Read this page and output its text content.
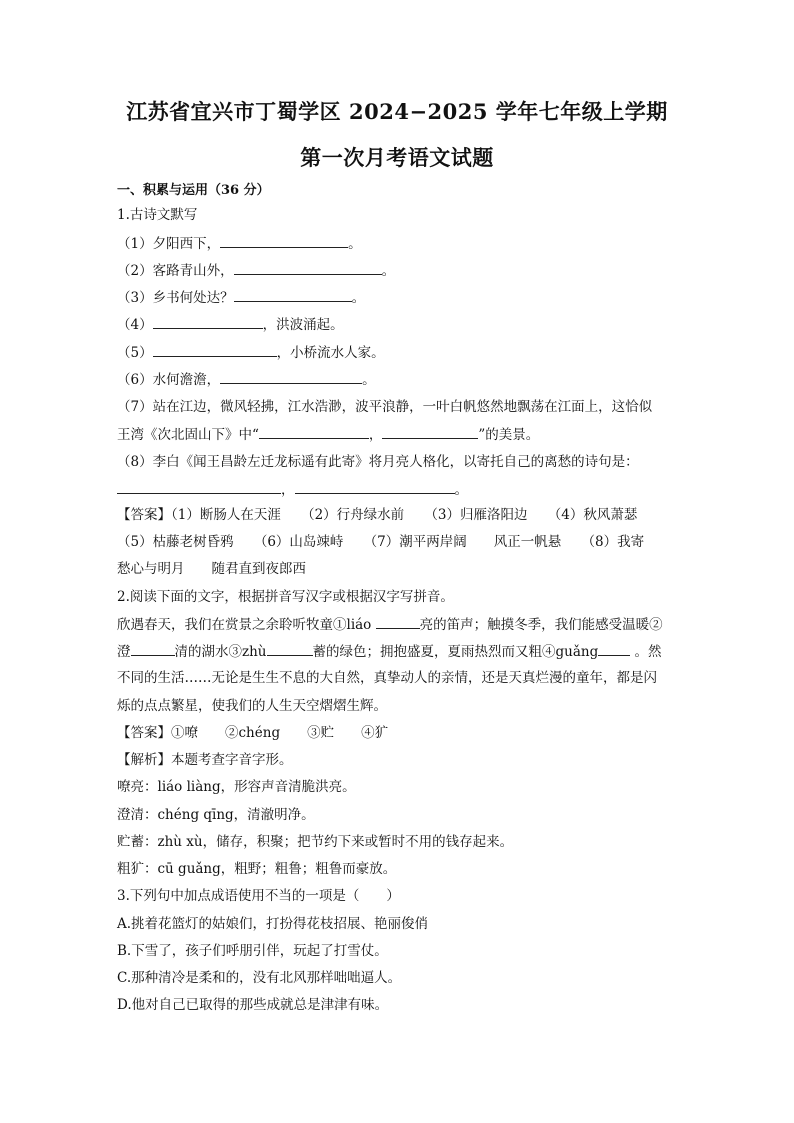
江苏省宜兴市丁蜀学区 2024−2025 学年七年级上学期
第一次月考语文试题
一、积累与运用（36 分）
1.古诗文默写
（1）夕阳西下，	。
（2）客路青山外，	。
（3）乡书何处达？	。
（4）	，洪波涌起。
（5）	，小桥流水人家。
（6）水何澹澹，	。
（7）站在江边，微风轻拂，江水浩渺，波平浪静，一叶白帆悠然地飘荡在江面上，这恰似
王湾《次北固山下》中“	，	”的美景。
（8）李白《闻王昌龄左迁龙标遥有此寄》将月亮人格化，以寄托自己的离愁的诗句是：
，	。
【答案】（1）断肠人在天涯　　（2）行舟绿水前　　（3）归雁洛阳边　　（4）秋风萧瑟
（5）枯藤老树昏鸦　　（6）山岛竦峙　　（7）潮平两岸阔　　风正一帆悬　　（8）我寄
愁心与明月　　随君直到夜郎西
2.阅读下面的文字，根据拼音写汉字或根据汉字写拼音。
欣遇春天，我们在赏景之余聆听牧童①liáo	亮的笛声；触摸冬季，我们能感受温暖②
澄	清的湖水③zhù	蓄的绿色；拥抱盛夏，夏雨热烈而又粗④guǎng 。然
不同的生活……无论是生生不息的大自然，真挚动人的亲情，还是天真烂漫的童年，都是闪
烁的点点繁星，使我们的人生天空熠熠生辉。
【答案】①嘹　　②chéng　　③贮　　④犷
【解析】本题考查字音字形。
嘹亮：liáo liàng，形容声音清脆洪亮。
澄清：chéng qīng，清澈明净。
贮蓄：zhù xù，储存，积聚；把节约下来或暂时不用的钱存起来。
粗犷：cū guǎng，粗野；粗鲁；粗鲁而豪放。
3.下列句中加点成语使用不当的一项是（　　）
A.挑着花篮灯的姑娘们，打扮得花枝招展、艳丽俊俏
B.下雪了，孩子们呼朋引伴，玩起了打雪仗。
C.那种清冷是柔和的，没有北风那样咄咄逼人。
D.他对自己已取得的那些成就总是津津有味。
